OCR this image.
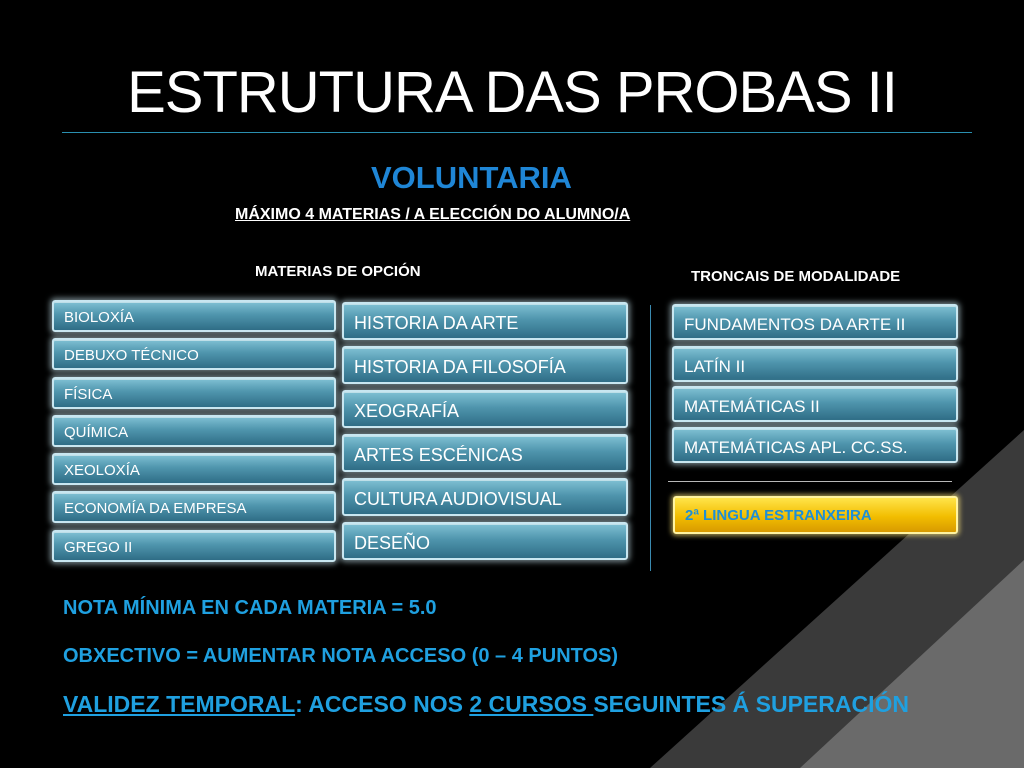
ESTRUTURA DAS PROBAS II
VOLUNTARIA
MÁXIMO 4 MATERIAS / A ELECCIÓN DO ALUMNO/A
MATERIAS DE OPCIÓN	TRONCAIS DE MODALIDADE
BIOLOXÍA
DEBUXO TÉCNICO
FÍSICA
QUÍMICA
XEOLOXÍA
ECONOMÍA DA EMPRESA
GREGO II
HISTORIA DA ARTE
HISTORIA DA FILOSOFÍA
XEOGRAFÍA
ARTES ESCÉNICAS
CULTURA AUDIOVISUAL
DESEÑO
FUNDAMENTOS DA ARTE II
LATÍN II
MATEMÁTICAS II
MATEMÁTICAS APL. CC.SS.
2ª LINGUA ESTRANXEIRA
NOTA MÍNIMA EN CADA MATERIA = 5.0
OBXECTIVO = AUMENTAR NOTA ACCESO (0 – 4 PUNTOS)
VALIDEZ TEMPORAL: ACCESO NOS 2 CURSOS SEGUINTES Á SUPERACIÓN
